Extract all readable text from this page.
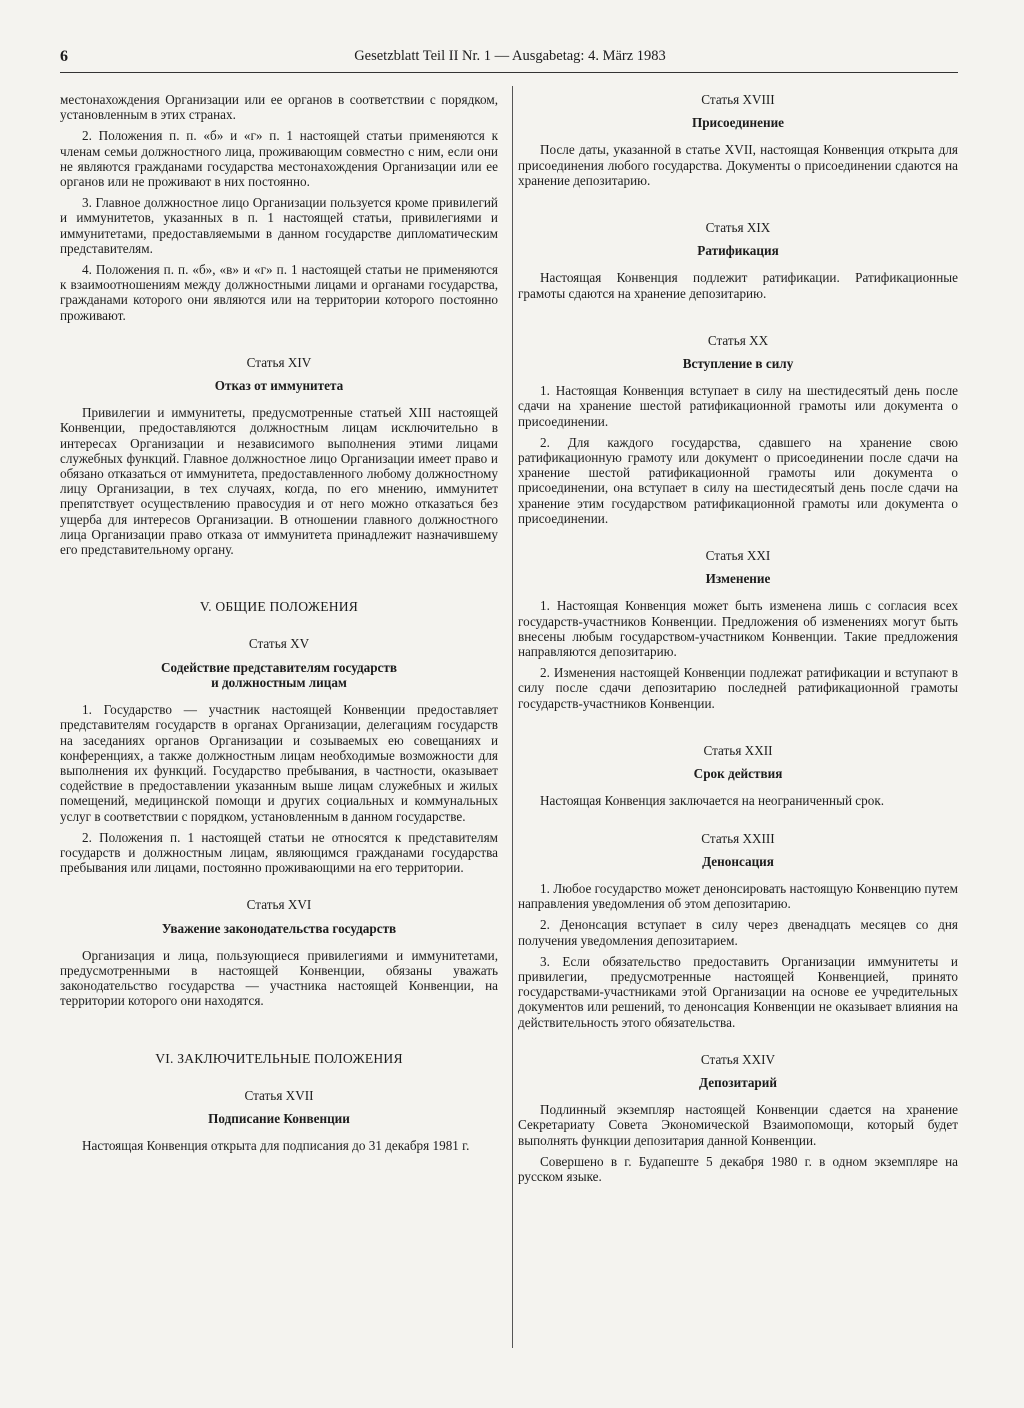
6	Gesetzblatt Teil II Nr. 1 — Ausgabetag: 4. März 1983

местонахождения Организации или ее органов в соответствии с порядком, установленным в этих странах.

2. Положения п. п. «б» и «г» п. 1 настоящей статьи применяются к членам семьи должностного лица, проживающим совместно с ним, если они не являются гражданами государства местонахождения Организации или ее органов или не проживают в них постоянно.

3. Главное должностное лицо Организации пользуется кроме привилегий и иммунитетов, указанных в п. 1 настоящей статьи, привилегиями и иммунитетами, предоставляемыми в данном государстве дипломатическим представителям.

4. Положения п. п. «б», «в» и «г» п. 1 настоящей статьи не применяются к взаимоотношениям между должностными лицами и органами государства, гражданами которого они являются или на территории которого постоянно проживают.

Статья XIV
Отказ от иммунитета

Привилегии и иммунитеты, предусмотренные статьей XIII настоящей Конвенции, предоставляются должностным лицам исключительно в интересах Организации и независимого выполнения этими лицами служебных функций. Главное должностное лицо Организации имеет право и обязано отказаться от иммунитета, предоставленного любому должностному лицу Организации, в тех случаях, когда, по его мнению, иммунитет препятствует осуществлению правосудия и от него можно отказаться без ущерба для интересов Организации. В отношении главного должностного лица Организации право отказа от иммунитета принадлежит назначившему его представительному органу.

V. ОБЩИЕ ПОЛОЖЕНИЯ
Статья XV
Содействие представителям государств
и должностным лицам

1. Государство — участник настоящей Конвенции предоставляет представителям государств в органах Организации, делегациям государств на заседаниях органов Организации и созываемых ею совещаниях и конференциях, а также должностным лицам необходимые возможности для выполнения их функций. Государство пребывания, в частности, оказывает содействие в предоставлении указанным выше лицам служебных и жилых помещений, медицинской помощи и других социальных и коммунальных услуг в соответствии с порядком, установленным в данном государстве.

2. Положения п. 1 настоящей статьи не относятся к представителям государств и должностным лицам, являющимся гражданами государства пребывания или лицами, постоянно проживающими на его территории.

Статья XVI
Уважение законодательства государств

Организация и лица, пользующиеся привилегиями и иммунитетами, предусмотренными в настоящей Конвенции, обязаны уважать законодательство государства — участника настоящей Конвенции, на территории которого они находятся.

VI. ЗАКЛЮЧИТЕЛЬНЫЕ ПОЛОЖЕНИЯ
Статья XVII
Подписание Конвенции

Настоящая Конвенция открыта для подписания до 31 декабря 1981 г.

Статья XVIII
Присоединение

После даты, указанной в статье XVII, настоящая Конвенция открыта для присоединения любого государства. Документы о присоединении сдаются на хранение депозитарию.

Статья XIX
Ратификация

Настоящая Конвенция подлежит ратификации. Ратификационные грамоты сдаются на хранение депозитарию.

Статья XX
Вступление в силу

1. Настоящая Конвенция вступает в силу на шестидесятый день после сдачи на хранение шестой ратификационной грамоты или документа о присоединении.

2. Для каждого государства, сдавшего на хранение свою ратификационную грамоту или документ о присоединении после сдачи на хранение шестой ратификационной грамоты или документа о присоединении, она вступает в силу на шестидесятый день после сдачи на хранение этим государством ратификационной грамоты или документа о присоединении.

Статья XXI
Изменение

1. Настоящая Конвенция может быть изменена лишь с согласия всех государств-участников Конвенции. Предложения об изменениях могут быть внесены любым государством-участником Конвенции. Такие предложения направляются депозитарию.

2. Изменения настоящей Конвенции подлежат ратификации и вступают в силу после сдачи депозитарию последней ратификационной грамоты государств-участников Конвенции.

Статья XXII
Срок действия

Настоящая Конвенция заключается на неограниченный срок.

Статья XXIII
Денонсация

1. Любое государство может денонсировать настоящую Конвенцию путем направления уведомления об этом депозитарию.

2. Денонсация вступает в силу через двенадцать месяцев со дня получения уведомления депозитарием.

3. Если обязательство предоставить Организации иммунитеты и привилегии, предусмотренные настоящей Конвенцией, принято государствами-участниками этой Организации на основе ее учредительных документов или решений, то денонсация Конвенции не оказывает влияния на действительность этого обязательства.

Статья XXIV
Депозитарий

Подлинный экземпляр настоящей Конвенции сдается на хранение Секретариату Совета Экономической Взаимопомощи, который будет выполнять функции депозитария данной Конвенции.

Совершено в г. Будапеште 5 декабря 1980 г. в одном экземпляре на русском языке.
